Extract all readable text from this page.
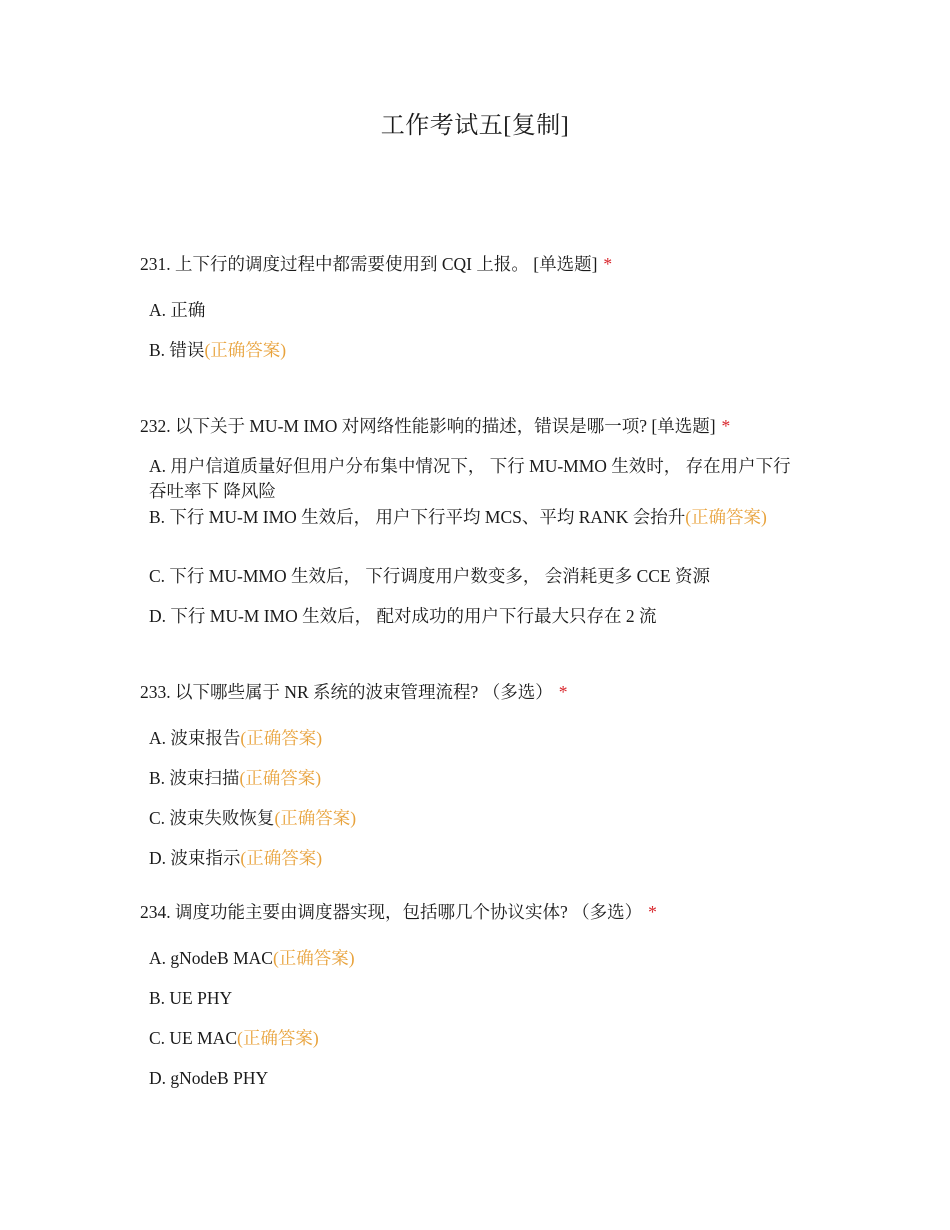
工作考试五[复制]

231. 上下行的调度过程中都需要使用到 CQI 上报。 [单选题] *

A. 正确
B. 错误(正确答案)

232. 以下关于 MU-M IMO 对网络性能影响的描述，错误是哪一项? [单选题] *

A. 用户信道质量好但用户分布集中情况下， 下行 MU-MMO 生效时， 存在用户下行吞吐率下 降风险
B. 下行 MU-M IMO 生效后， 用户下行平均 MCS、平均 RANK 会抬升(正确答案)
C. 下行 MU-MMO 生效后， 下行调度用户数变多， 会消耗更多 CCE 资源
D. 下行 MU-M IMO 生效后， 配对成功的用户下行最大只存在 2 流

233. 以下哪些属于 NR 系统的波束管理流程? （多选） *

A. 波束报告(正确答案)
B. 波束扫描(正确答案)
C. 波束失败恢复(正确答案)
D. 波束指示(正确答案)

234. 调度功能主要由调度器实现，包括哪几个协议实体? （多选） *

A. gNodeB MAC(正确答案)
B. UE PHY
C. UE MAC(正确答案)
D. gNodeB PHY
